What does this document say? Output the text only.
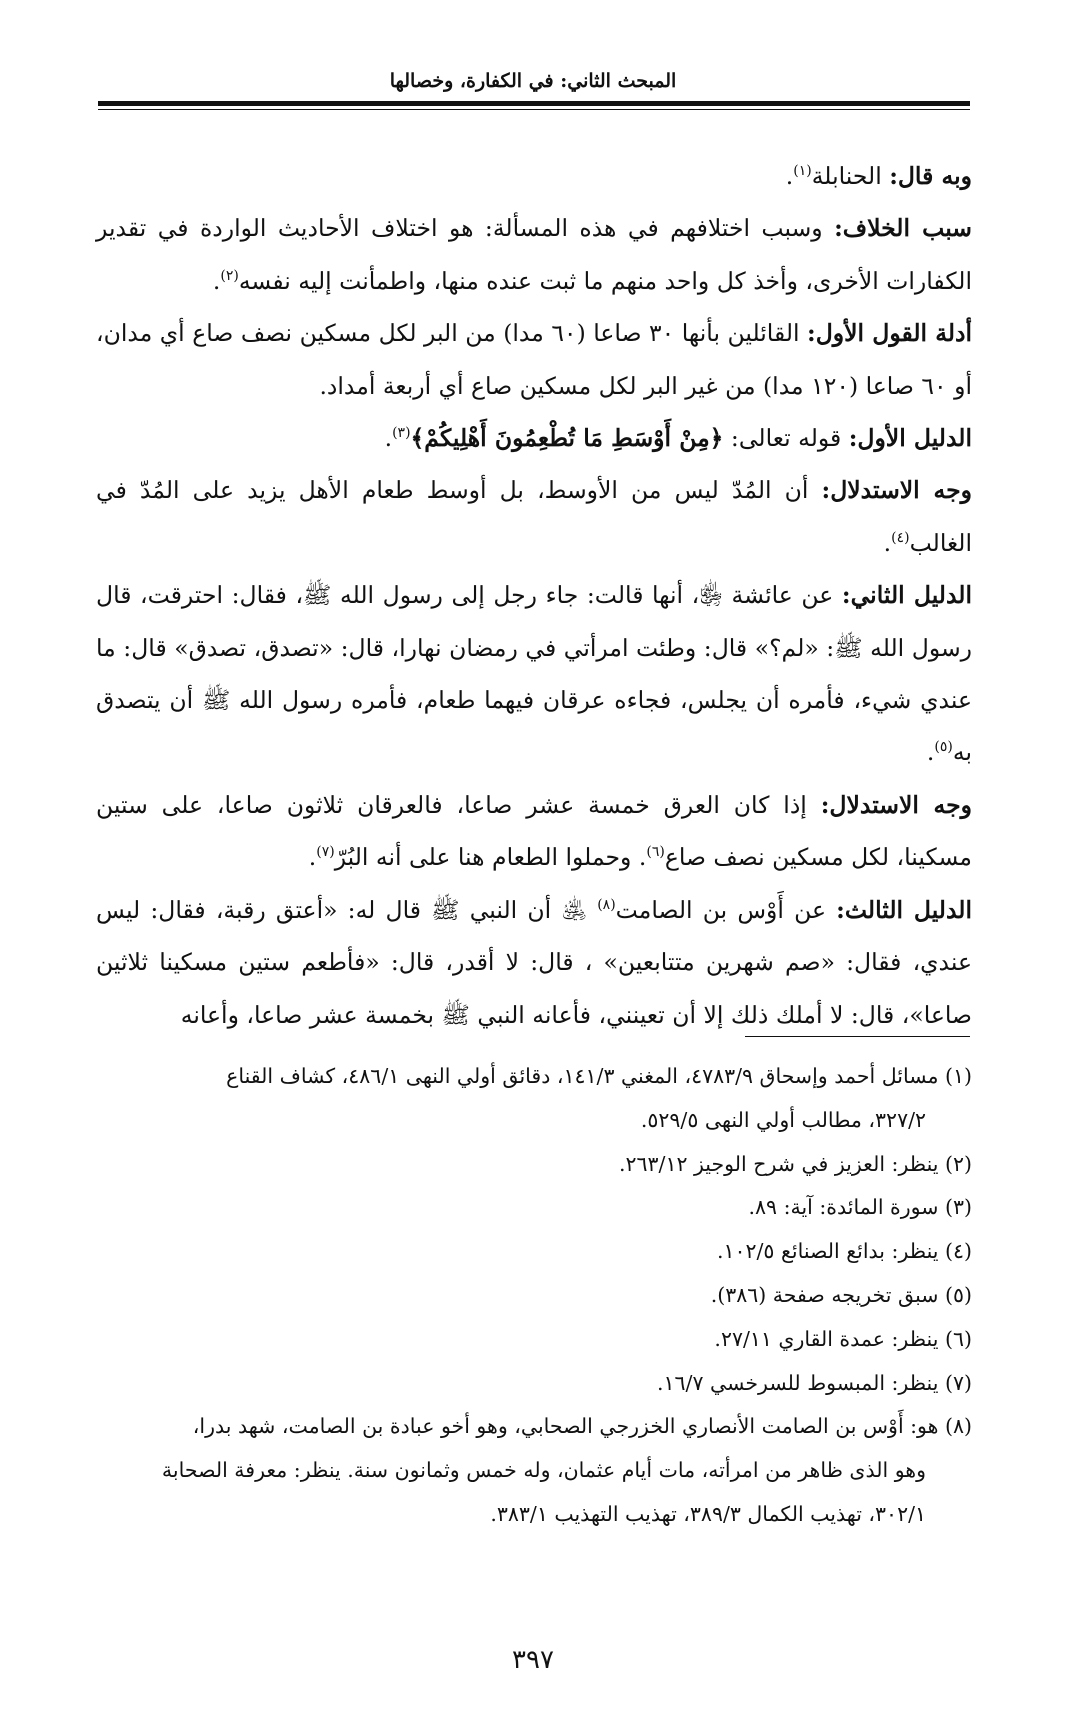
المبحث الثاني: في الكفارة، وخصالها

وبه قال: الحنابلة$^{(١)}$.

سبب الخلاف: وسبب اختلافهم في هذه المسألة: هو اختلاف الأحاديث الواردة في تقدير الكفارات الأخرى، وأخذ كل واحد منهم ما ثبت عنده منها، واطمأنت إليه نفسه$^{(٢)}$.

أدلة القول الأول: القائلين بأنها ٣٠ صاعا (٦٠ مدا) من البر لكل مسكين نصف صاع أي مدان، أو ٦٠ صاعا (١٢٠ مدا) من غير البر لكل مسكين صاع أي أربعة أمداد.

الدليل الأول: قوله تعالى: ﴿مِنْ أَوْسَطِ مَا تُطْعِمُونَ أَهْلِيكُمْ﴾$^{(٣)}$.

وجه الاستدلال: أن المُدّ ليس من الأوسط، بل أوسط طعام الأهل يزيد على المُدّ في الغالب$^{(٤)}$.

الدليل الثاني: عن عائشة ﵂، أنها قالت: جاء رجل إلى رسول الله ﷺ، فقال: احترقت، قال رسول الله ﷺ: «لم؟» قال: وطئت امرأتي في رمضان نهارا، قال: «تصدق، تصدق» قال: ما عندي شيء، فأمره أن يجلس، فجاءه عرقان فيهما طعام، فأمره رسول الله ﷺ أن يتصدق به$^{(٥)}$.

وجه الاستدلال: إذا كان العرق خمسة عشر صاعا، فالعرقان ثلاثون صاعا، على ستين مسكينا، لكل مسكين نصف صاع$^{(٦)}$. وحملوا الطعام هنا على أنه البُرّ$^{(٧)}$.

الدليل الثالث: عن أَوْس بن الصامت$^{(٨)}$ ﵁ أن النبي ﷺ قال له: «أعتق رقبة، فقال: ليس عندي، فقال: «صم شهرين متتابعين» ، قال: لا أقدر، قال: «فأطعم ستين مسكينا ثلاثين صاعا»، قال: لا أملك ذلك إلا أن تعينني، فأعانه النبي ﷺ بخمسة عشر صاعا، وأعانه

(١) مسائل أحمد وإسحاق ٤٧٨٣/٩، المغني ١٤١/٣، دقائق أولي النهى ٤٨٦/١، كشاف القناع

٣٢٧/٢، مطالب أولي النهى ٥٢٩/٥.

(٢) ينظر: العزيز في شرح الوجيز ٢٦٣/١٢.

(٣) سورة المائدة: آية: ٨٩.

(٤) ينظر: بدائع الصنائع ١٠٢/٥.

(٥) سبق تخريجه صفحة (٣٨٦).

(٦) ينظر: عمدة القاري ٢٧/١١.

(٧) ينظر: المبسوط للسرخسي ١٦/٧.

(٨) هو: أَوْس بن الصامت الأنصاري الخزرجي الصحابي، وهو أخو عبادة بن الصامت، شهد بدرا،

وهو الذى ظاهر من امرأته، مات أيام عثمان، وله خمس وثمانون سنة. ينظر: معرفة الصحابة

٣٠٢/١، تهذيب الكمال ٣٨٩/٣، تهذيب التهذيب ٣٨٣/١.

٣٩٧
